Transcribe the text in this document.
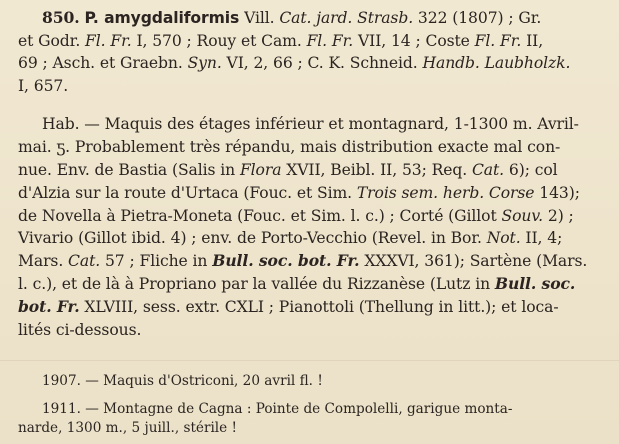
850. P. amygdaliformis Vill. Cat. jard. Strasb. 322 (1807) ; Gr.
et Godr. Fl. Fr. I, 570 ; Rouy et Cam. Fl. Fr. VII, 14 ; Coste Fl. Fr. II,
69 ; Asch. et Graebn. Syn. VI, 2, 66 ; C. K. Schneid. Handb. Laubholzk.
I, 657.
Hab. — Maquis des étages inférieur et montagnard, 1-1300 m. Avril-
mai. ƽ. Probablement très répandu, mais distribution exacte mal con-
nue. Env. de Bastia (Salis in Flora XVII, Beibl. II, 53; Req. Cat. 6); col
d'Alzia sur la route d'Urtaca (Fouc. et Sim. Trois sem. herb. Corse 143);
de Novella à Pietra-Moneta (Fouc. et Sim. l. c.) ; Corté (Gillot Souv. 2) ;
Vivario (Gillot ibid. 4) ; env. de Porto-Vecchio (Revel. in Bor. Not. II, 4;
Mars. Cat. 57 ; Fliche in Bull. soc. bot. Fr. XXXVI, 361); Sartène (Mars.
l. c.), et de là à Propriano par la vallée du Rizzanèse (Lutz in Bull. soc.
bot. Fr. XLVIII, sess. extr. CXLI ; Pianottoli (Thellung in litt.); et loca-
lités ci-dessous.
1907. — Maquis d'Ostriconi, 20 avril fl. !
1911. — Montagne de Cagna : Pointe de Compolelli, garigue monta-
narde, 1300 m., 5 juill., stérile !
